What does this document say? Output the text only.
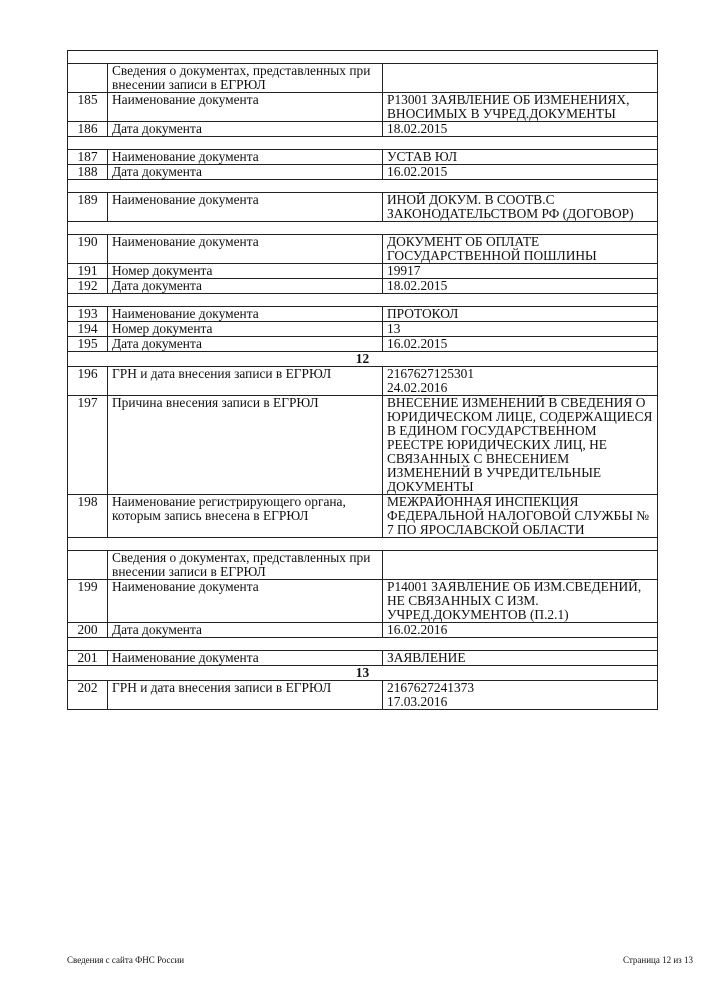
	Сведения о документах, представленных при внесении записи в ЕГРЮЛ	
185	Наименование документа	Р13001 ЗАЯВЛЕНИЕ ОБ ИЗМЕНЕНИЯХ, ВНОСИМЫХ В УЧРЕД.ДОКУМЕНТЫ
186	Дата документа	18.02.2015

187	Наименование документа	УСТАВ ЮЛ
188	Дата документа	16.02.2015

189	Наименование документа	ИНОЙ ДОКУМ. В СООТВ.С ЗАКОНОДАТЕЛЬСТВОМ РФ (ДОГОВОР)

190	Наименование документа	ДОКУМЕНТ ОБ ОПЛАТЕ ГОСУДАРСТВЕННОЙ ПОШЛИНЫ
191	Номер документа	19917
192	Дата документа	18.02.2015

193	Наименование документа	ПРОТОКОЛ
194	Номер документа	13
195	Дата документа	16.02.2015
12		
196	ГРН и дата внесения записи в ЕГРЮЛ	2167627125301
24.02.2016
197	Причина внесения записи в ЕГРЮЛ	ВНЕСЕНИЕ ИЗМЕНЕНИЙ В СВЕДЕНИЯ О ЮРИДИЧЕСКОМ ЛИЦЕ, СОДЕРЖАЩИЕСЯ В ЕДИНОМ ГОСУДАРСТВЕННОМ РЕЕСТРЕ ЮРИДИЧЕСКИХ ЛИЦ, НЕ СВЯЗАННЫХ С ВНЕСЕНИЕМ ИЗМЕНЕНИЙ В УЧРЕДИТЕЛЬНЫЕ ДОКУМЕНТЫ
198	Наименование регистрирующего органа, которым запись внесена в ЕГРЮЛ	МЕЖРАЙОННАЯ ИНСПЕКЦИЯ ФЕДЕРАЛЬНОЙ НАЛОГОВОЙ СЛУЖБЫ № 7 ПО ЯРОСЛАВСКОЙ ОБЛАСТИ

	Сведения о документах, представленных при внесении записи в ЕГРЮЛ	
199	Наименование документа	Р14001 ЗАЯВЛЕНИЕ ОБ ИЗМ.СВЕДЕНИЙ, НЕ СВЯЗАННЫХ С ИЗМ. УЧРЕД.ДОКУМЕНТОВ (П.2.1)
200	Дата документа	16.02.2016

201	Наименование документа	ЗАЯВЛЕНИЕ
13		
202	ГРН и дата внесения записи в ЕГРЮЛ	2167627241373
17.03.2016
Сведения с сайта ФНС России	Страница 12 из 13
